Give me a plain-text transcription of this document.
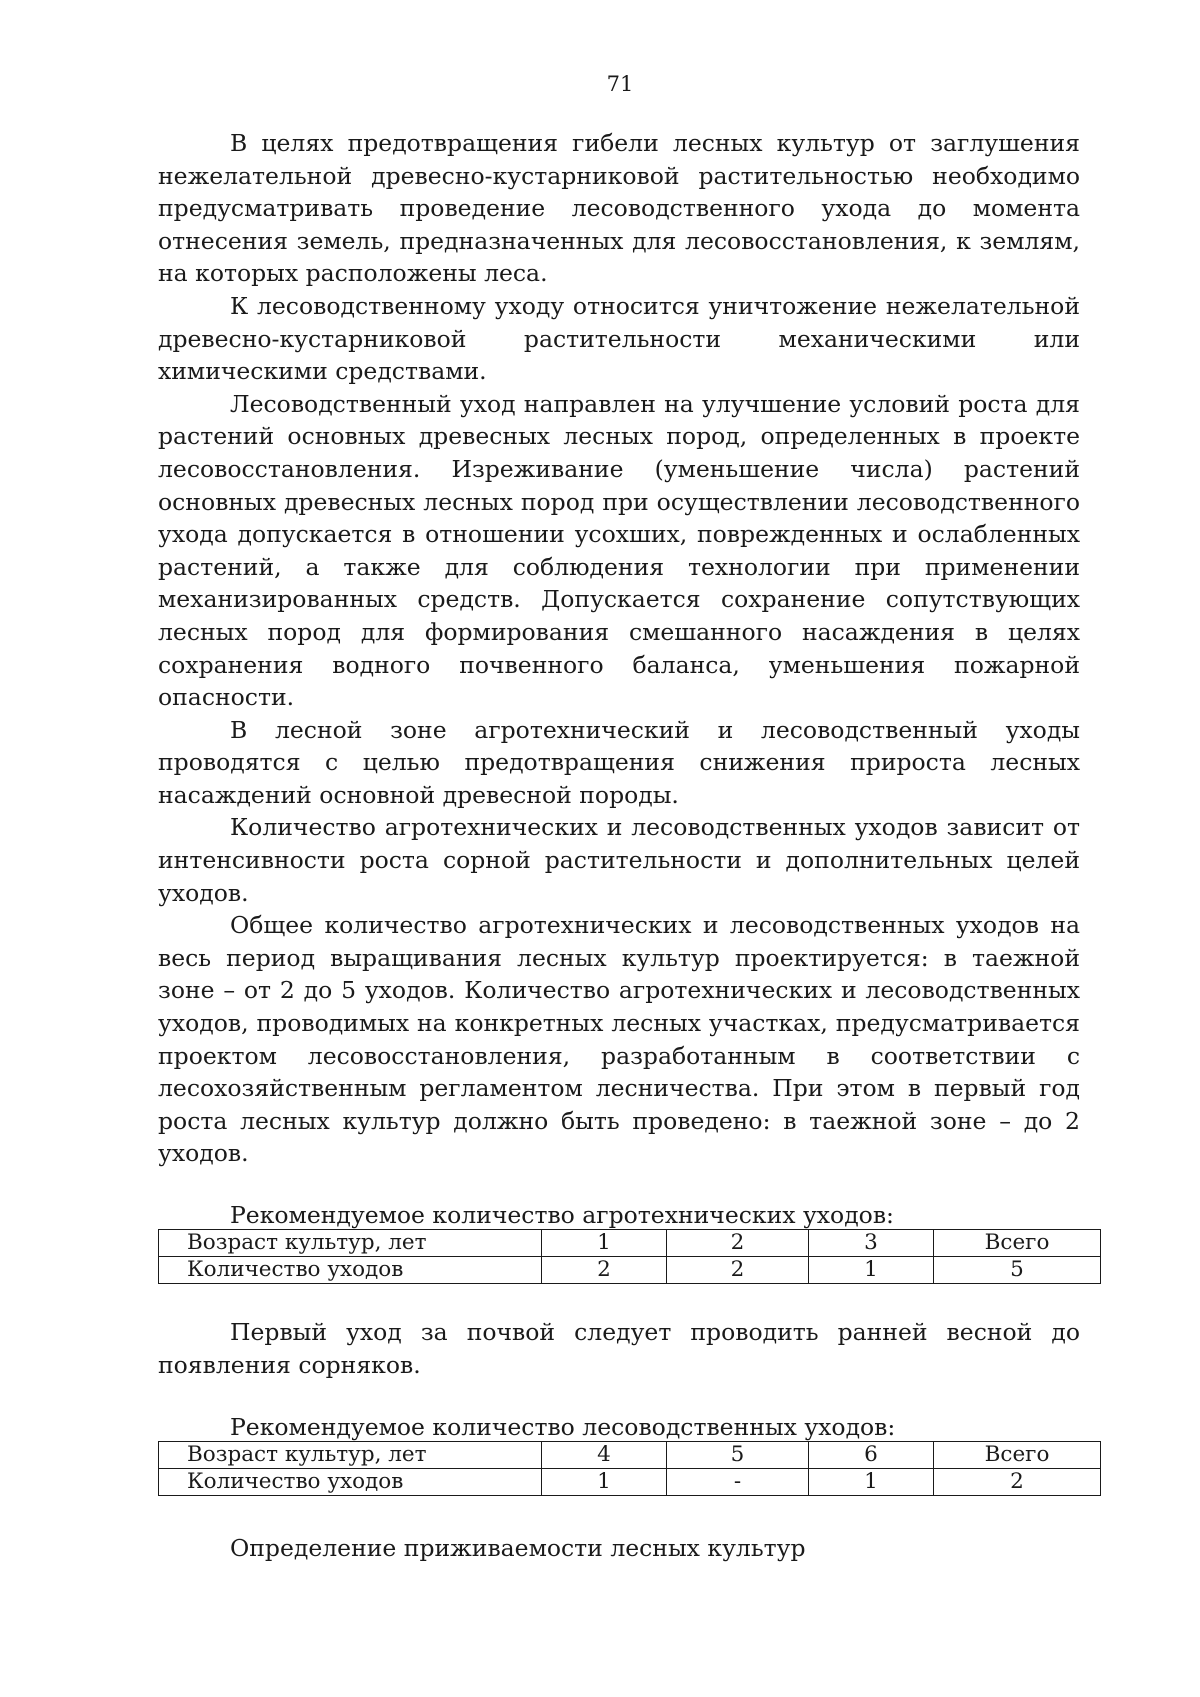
71

В целях предотвращения гибели лесных культур от заглушения нежелательной древесно-кустарниковой растительностью необходимо предусматривать проведение лесоводственного ухода до момента отнесения земель, предназначенных для лесовосстановления, к землям, на которых расположены леса.

К лесоводственному уходу относится уничтожение нежелательной древесно-кустарниковой растительности механическими или химическими средствами.

Лесоводственный уход направлен на улучшение условий роста для растений основных древесных лесных пород, определенных в проекте лесовосстановления. Изреживание (уменьшение числа) растений основных древесных лесных пород при осуществлении лесоводственного ухода допускается в отношении усохших, поврежденных и ослабленных растений, а также для соблюдения технологии при применении механизированных средств. Допускается сохранение сопутствующих лесных пород для формирования смешанного насаждения в целях сохранения водного почвенного баланса, уменьшения пожарной опасности.

В лесной зоне агротехнический и лесоводственный уходы проводятся с целью предотвращения снижения прироста лесных насаждений основной древесной породы.

Количество агротехнических и лесоводственных уходов зависит от интенсивности роста сорной растительности и дополнительных целей уходов.

Общее количество агротехнических и лесоводственных уходов на весь период выращивания лесных культур проектируется: в таежной зоне – от 2 до 5 уходов. Количество агротехнических и лесоводственных уходов, проводимых на конкретных лесных участках, предусматривается проектом лесовосстановления, разработанным в соответствии с лесохозяйственным регламентом лесничества. При этом в первый год роста лесных культур должно быть проведено: в таежной зоне – до 2 уходов.

Рекомендуемое количество агротехнических уходов:

Возраст культур, лет	1	2	3	Всего
Количество уходов	2	2	1	5

Первый уход за почвой следует проводить ранней весной до появления сорняков.

Рекомендуемое количество лесоводственных уходов:

Возраст культур, лет	4	5	6	Всего
Количество уходов	1	-	1	2

Определение приживаемости лесных культур
